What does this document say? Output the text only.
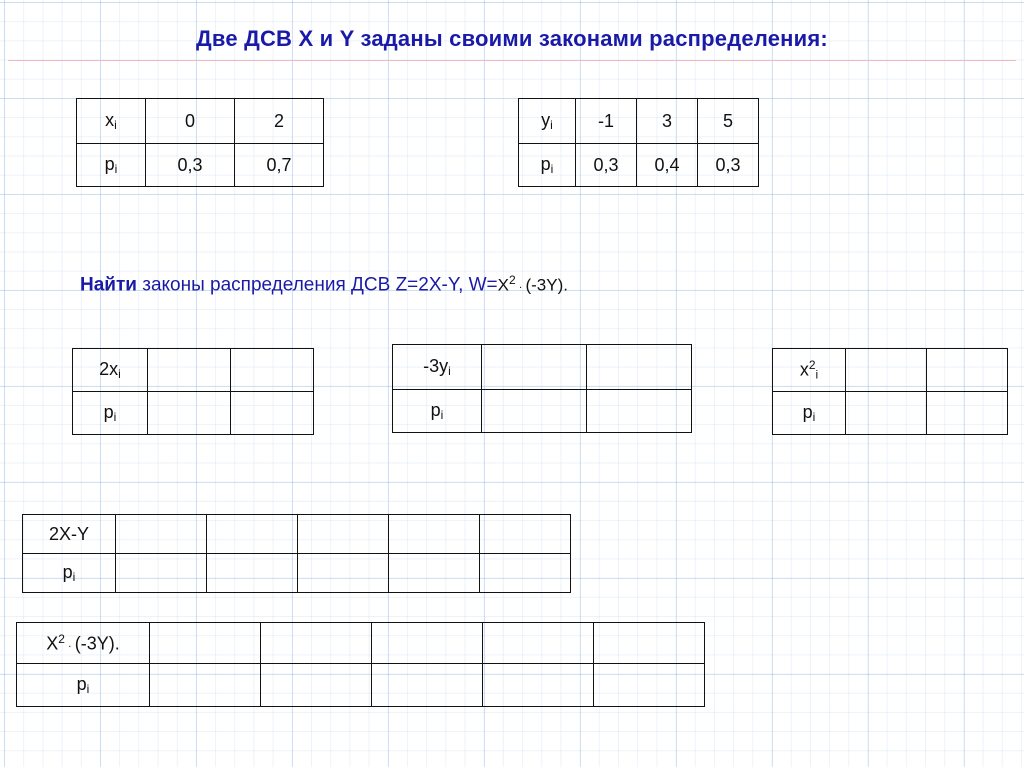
Две ДСВ X и Y заданы своими законами распределения:
$x_i$	0	2
$p_i$	0,3	0,7
$y_i$	-1	3	5
$p_i$	0,3	0,4	0,3
Найти законы распределения ДСВ Z=2X-Y, $W=X^2 \cdot (-3Y)$.
$2x_i$		
$p_i$		
$-3y_i$		
$p_i$		
$x^2_i$		
$p_i$		
2X-Y					
$p_i$					
$X^2 \cdot (-3Y)$.					
$p_i$					
